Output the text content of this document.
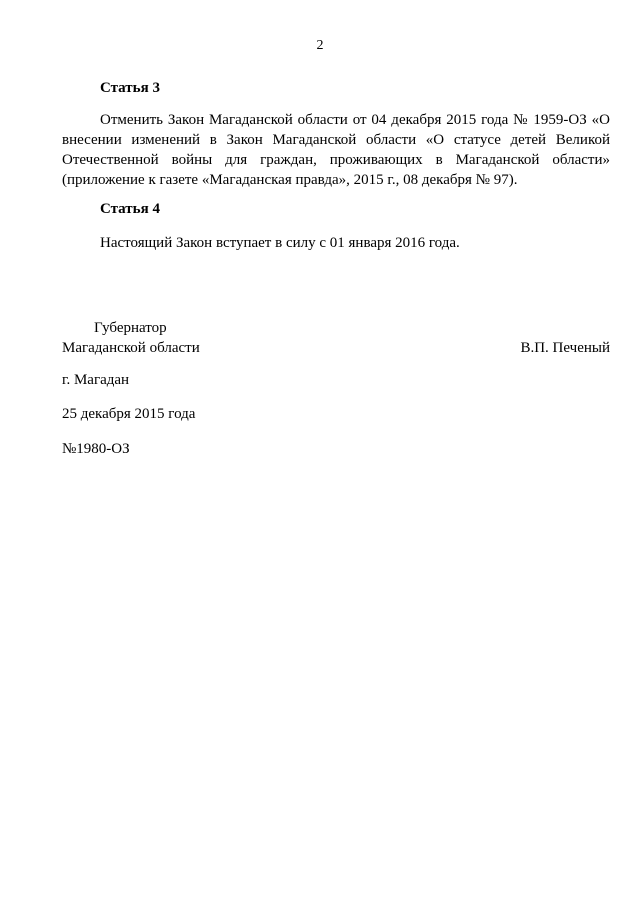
2
Статья 3

Отменить Закон Магаданской области от 04 декабря 2015 года № 1959-ОЗ «О внесении изменений в Закон Магаданской области «О статусе детей Великой Отечественной войны для граждан, проживающих в Магаданской области» (приложение к газете «Магаданская правда», 2015 г., 08 декабря № 97).

Статья 4

Настоящий Закон вступает в силу с 01 января 2016 года.

Губернатор
Магаданской области	В.П. Печеный
г. Магадан
25 декабря 2015 года
№1980-ОЗ
